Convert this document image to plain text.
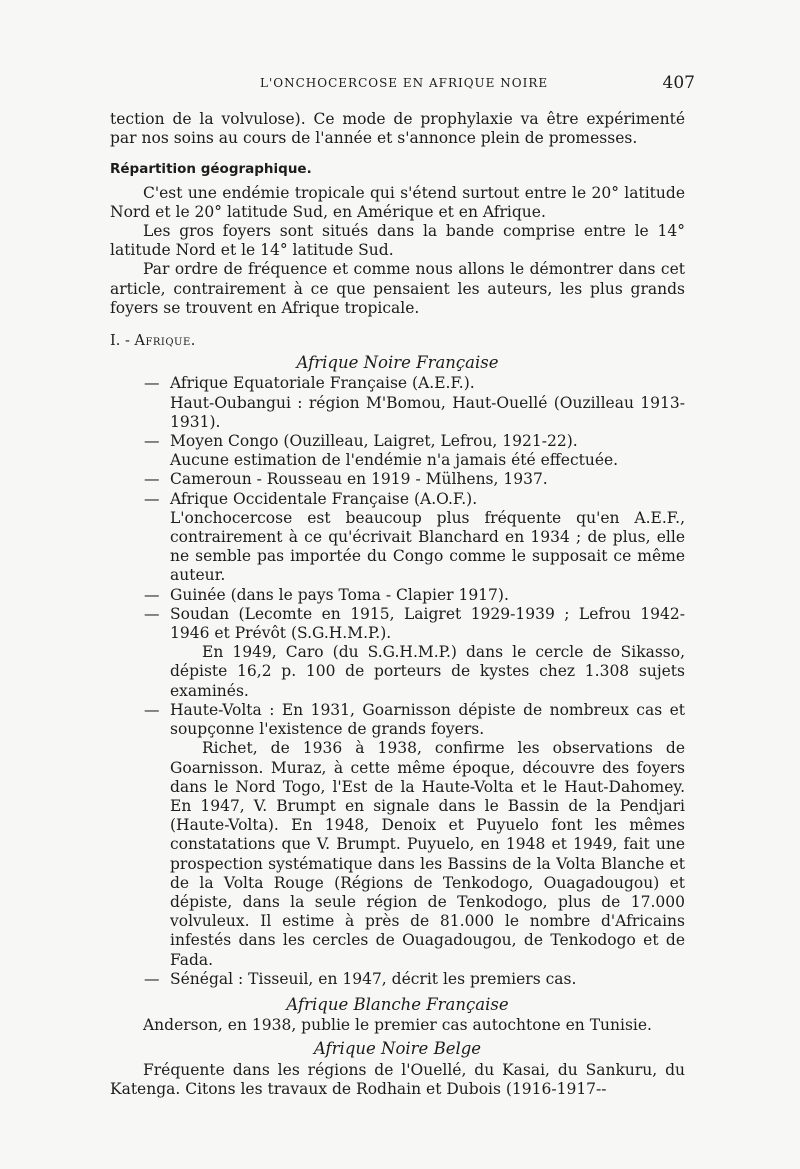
L'ONCHOCERCOSE EN AFRIQUE NOIRE	407

tection de la volvulose). Ce mode de prophylaxie va être expérimenté par nos soins au cours de l'année et s'annonce plein de promesses.

Répartition géographique.

C'est une endémie tropicale qui s'étend surtout entre le 20° latitude Nord et le 20° latitude Sud, en Amérique et en Afrique.

Les gros foyers sont situés dans la bande comprise entre le 14° latitude Nord et le 14° latitude Sud.

Par ordre de fréquence et comme nous allons le démontrer dans cet article, contrairement à ce que pensaient les auteurs, les plus grands foyers se trouvent en Afrique tropicale.

I. - Afrique.
Afrique Noire Française

— Afrique Equatoriale Française (A.E.F.).

Haut-Oubangui : région M'Bomou, Haut-Ouellé (Ouzilleau 1913-1931).

— Moyen Congo (Ouzilleau, Laigret, Lefrou, 1921-22).

Aucune estimation de l'endémie n'a jamais été effectuée.

— Cameroun - Rousseau en 1919 - Mülhens, 1937.

— Afrique Occidentale Française (A.O.F.).

L'onchocercose est beaucoup plus fréquente qu'en A.E.F., contrairement à ce qu'écrivait Blanchard en 1934 ; de plus, elle ne semble pas importée du Congo comme le supposait ce même auteur.

— Guinée (dans le pays Toma - Clapier 1917).

— Soudan (Lecomte en 1915, Laigret 1929-1939 ; Lefrou 1942-1946 et Prévôt (S.G.H.M.P.).

En 1949, Caro (du S.G.H.M.P.) dans le cercle de Sikasso, dépiste 16,2 p. 100 de porteurs de kystes chez 1.308 sujets examinés.

— Haute-Volta : En 1931, Goarnisson dépiste de nombreux cas et soupçonne l'existence de grands foyers.

Richet, de 1936 à 1938, confirme les observations de Goarnisson. Muraz, à cette même époque, découvre des foyers dans le Nord Togo, l'Est de la Haute-Volta et le Haut-Dahomey. En 1947, V. Brumpt en signale dans le Bassin de la Pendjari (Haute-Volta). En 1948, Denoix et Puyuelo font les mêmes constatations que V. Brumpt. Puyuelo, en 1948 et 1949, fait une prospection systématique dans les Bassins de la Volta Blanche et de la Volta Rouge (Régions de Tenkodogo, Ouagadougou) et dépiste, dans la seule région de Tenkodogo, plus de 17.000 volvuleux. Il estime à près de 81.000 le nombre d'Africains infestés dans les cercles de Ouagadougou, de Tenkodogo et de Fada.

— Sénégal : Tisseuil, en 1947, décrit les premiers cas.

Afrique Blanche Française

Anderson, en 1938, publie le premier cas autochtone en Tunisie.

Afrique Noire Belge

Fréquente dans les régions de l'Ouellé, du Kasai, du Sankuru, du Katenga. Citons les travaux de Rodhain et Dubois (1916-1917--
